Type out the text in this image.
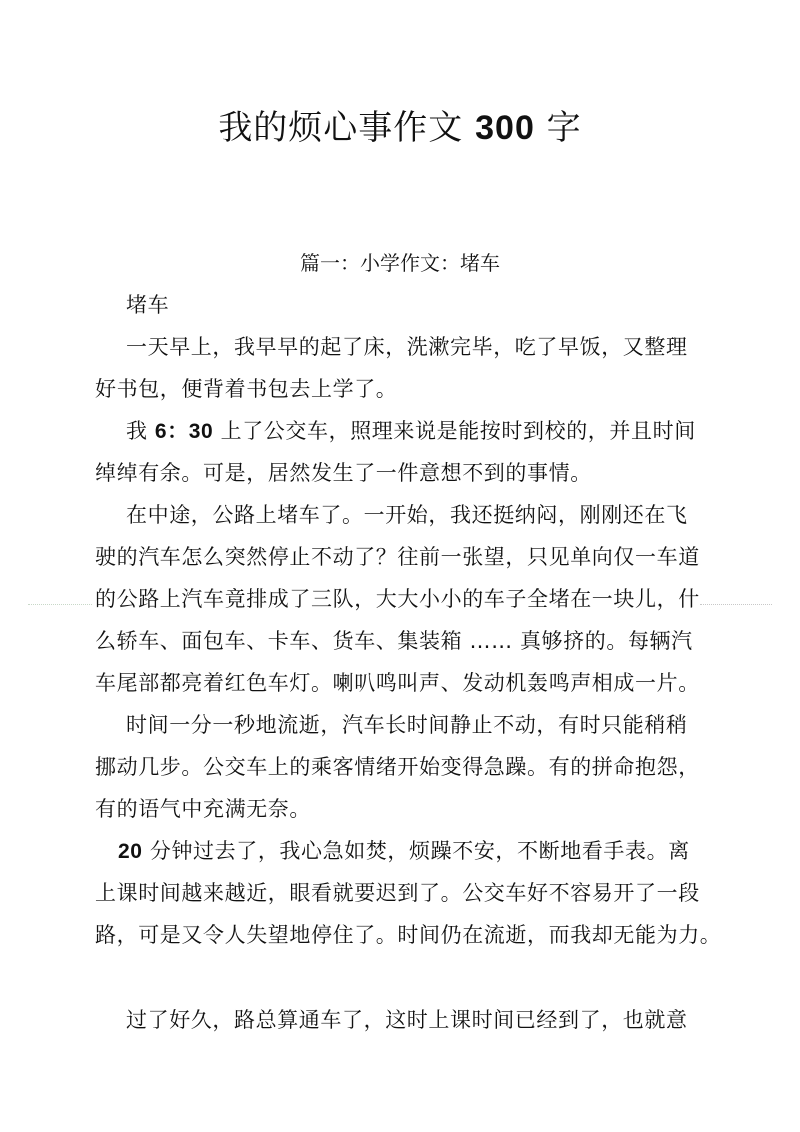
我的烦心事作文 300 字
篇一：小学作文：堵车
堵车
一天早上，我早早的起了床，洗漱完毕，吃了早饭，又整理
好书包，便背着书包去上学了。
我 6：30 上了公交车，照理来说是能按时到校的，并且时间
绰绰有余。可是，居然发生了一件意想不到的事情。
在中途，公路上堵车了。一开始，我还挺纳闷，刚刚还在飞
驶的汽车怎么突然停止不动了？往前一张望，只见单向仅一车道
的公路上汽车竟排成了三队，大大小小的车子全堵在一块儿，什
么轿车、面包车、卡车、货车、集装箱 …… 真够挤的。每辆汽
车尾部都亮着红色车灯。喇叭鸣叫声、发动机轰鸣声相成一片。
时间一分一秒地流逝，汽车长时间静止不动，有时只能稍稍
挪动几步。公交车上的乘客情绪开始变得急躁。有的拼命抱怨，
有的语气中充满无奈。
20 分钟过去了，我心急如焚，烦躁不安，不断地看手表。离
上课时间越来越近，眼看就要迟到了。公交车好不容易开了一段
路，可是又令人失望地停住了。时间仍在流逝，而我却无能为力。
过了好久，路总算通车了，这时上课时间已经到了，也就意
